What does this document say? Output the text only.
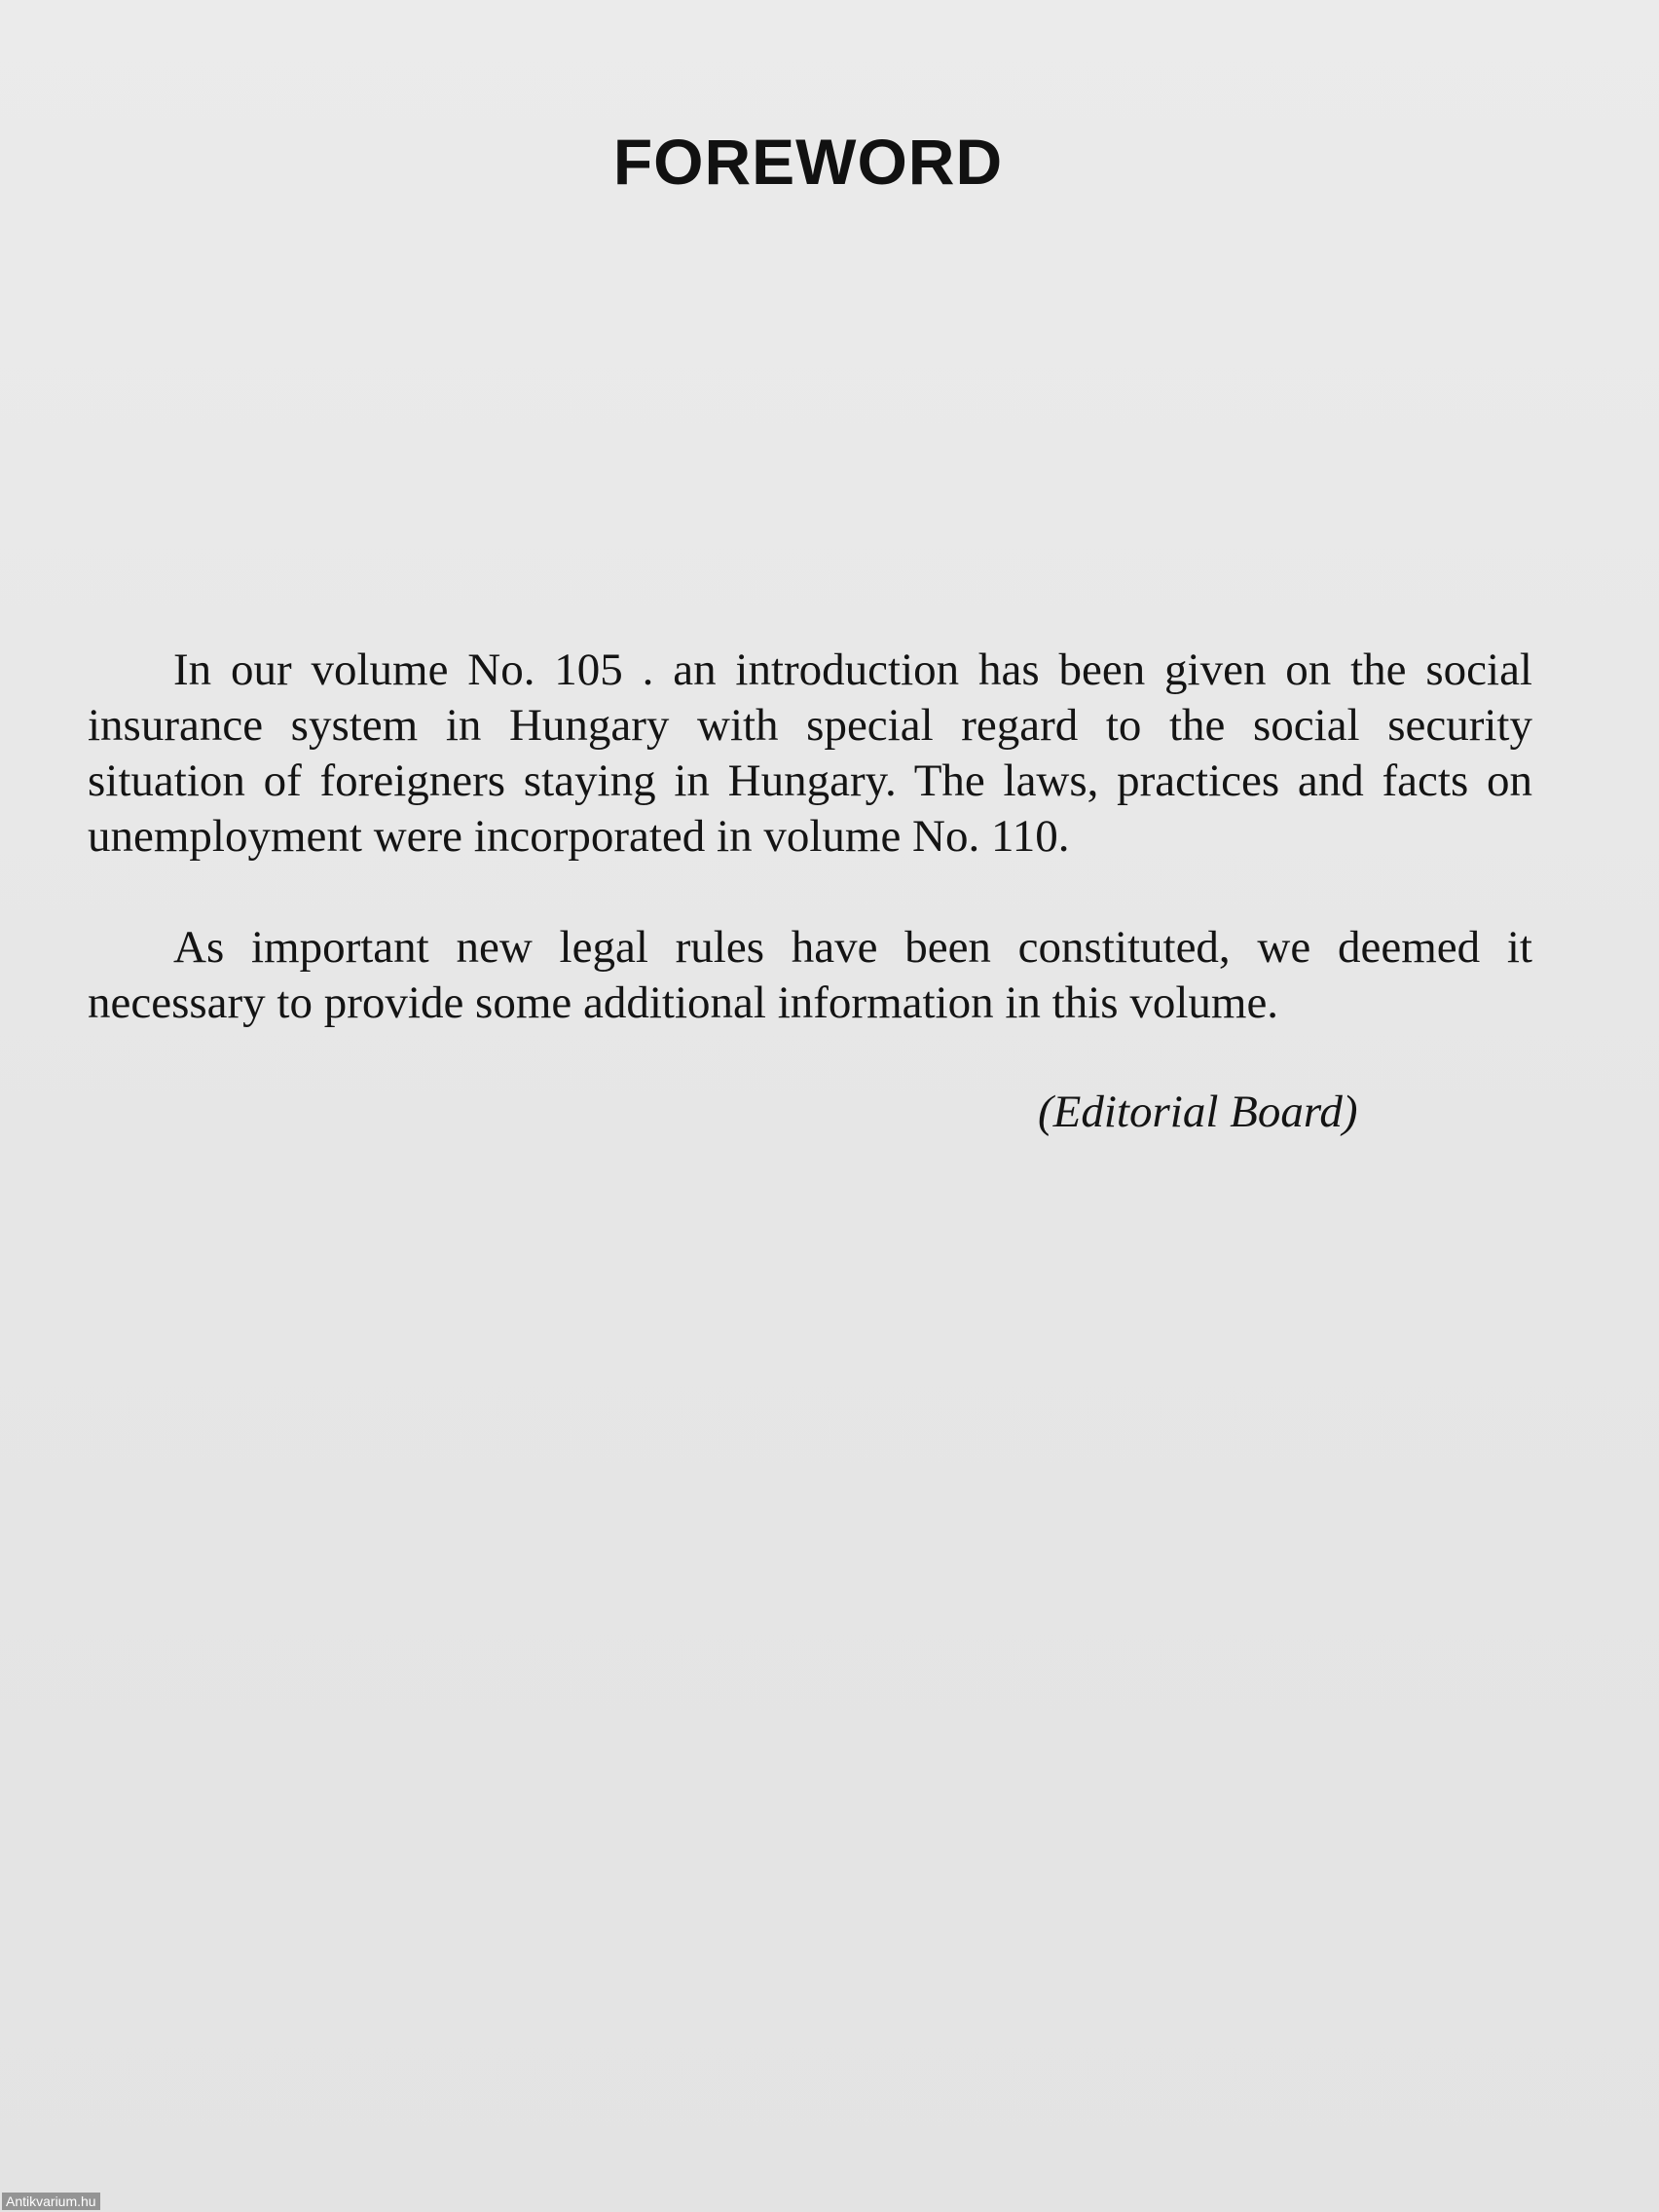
FOREWORD

In our volume No. 105 . an introduction has been given on the social insurance system in Hungary with special regard to the social security situation of foreigners staying in Hungary. The laws, practices and facts on unemployment were incorporated in volume No. 110.

As important new legal rules have been constituted, we deemed it necessary to provide some additional information in this volume.

(Editorial Board)
Antikvarium.hu
